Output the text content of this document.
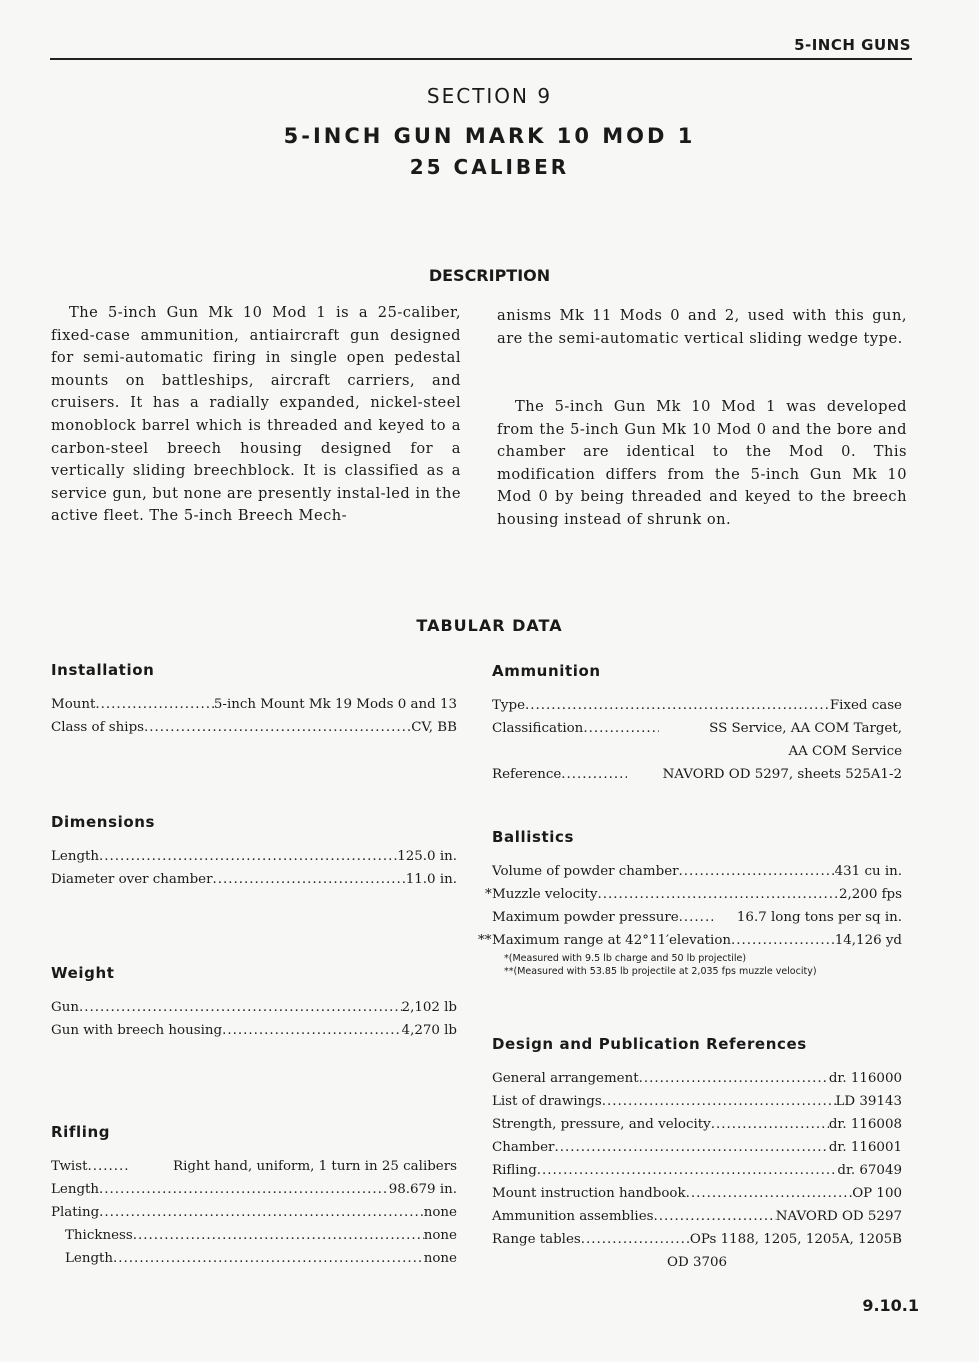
5-INCH GUNS
SECTION 9
5-INCH GUN MARK 10 MOD 1
25 CALIBER
DESCRIPTION
The 5-inch Gun Mk 10 Mod 1 is a 25-caliber, fixed-case ammunition, antiaircraft gun designed for semi-automatic firing in single open pedestal mounts on battleships, aircraft carriers, and cruisers. It has a radially expanded, nickel-steel monoblock barrel which is threaded and keyed to a carbon-steel breech housing designed for a vertically sliding breechblock. It is classified as a service gun, but none are presently instal-led in the active fleet. The 5-inch Breech Mech-
anisms Mk 11 Mods 0 and 2, used with this gun, are the semi-automatic vertical sliding wedge type.
The 5-inch Gun Mk 10 Mod 1 was developed from the 5-inch Gun Mk 10 Mod 0 and the bore and chamber are identical to the Mod 0. This modification differs from the 5-inch Gun Mk 10 Mod 0 by being threaded and keyed to the breech housing instead of shrunk on.
TABULAR DATA
Installation
Mount .....	5-inch Mount Mk 19 Mods 0 and 13
Class of ships .....	CV, BB
Dimensions
Length .....	125.0 in.
Diameter over chamber .....	11.0 in.
Weight
Gun .....	2,102 lb
Gun with breech housing .....	4,270 lb
Rifling
Twist .....	Right hand, uniform, 1 turn in 25 calibers
Length .....	98.679 in.
Plating .....	none
Thickness .....	none
Length .....	none
Ammunition
Type .....	Fixed case
Classification .....	SS Service, AA COM Target,
AA COM Service
Reference .....	NAVORD OD 5297, sheets 525A1-2
Ballistics
Volume of powder chamber .....	431 cu in.
* Muzzle velocity .....	2,200 fps
Maximum powder pressure .....	16.7 long tons per sq in.
** Maximum range at 42°11′elevation .....	14,126 yd
*(Measured with 9.5 lb charge and 50 lb projectile)
**(Measured with 53.85 lb projectile at 2,035 fps muzzle velocity)
Design and Publication References
General arrangement .....	dr. 116000
List of drawings .....	LD 39143
Strength, pressure, and velocity .....	dr. 116008
Chamber .....	dr. 116001
Rifling .....	dr. 67049
Mount instruction handbook .....	OP 100
Ammunition assemblies .....	NAVORD OD 5297
Range tables .....	OPs 1188, 1205, 1205A, 1205B
OD 3706
9.10.1
